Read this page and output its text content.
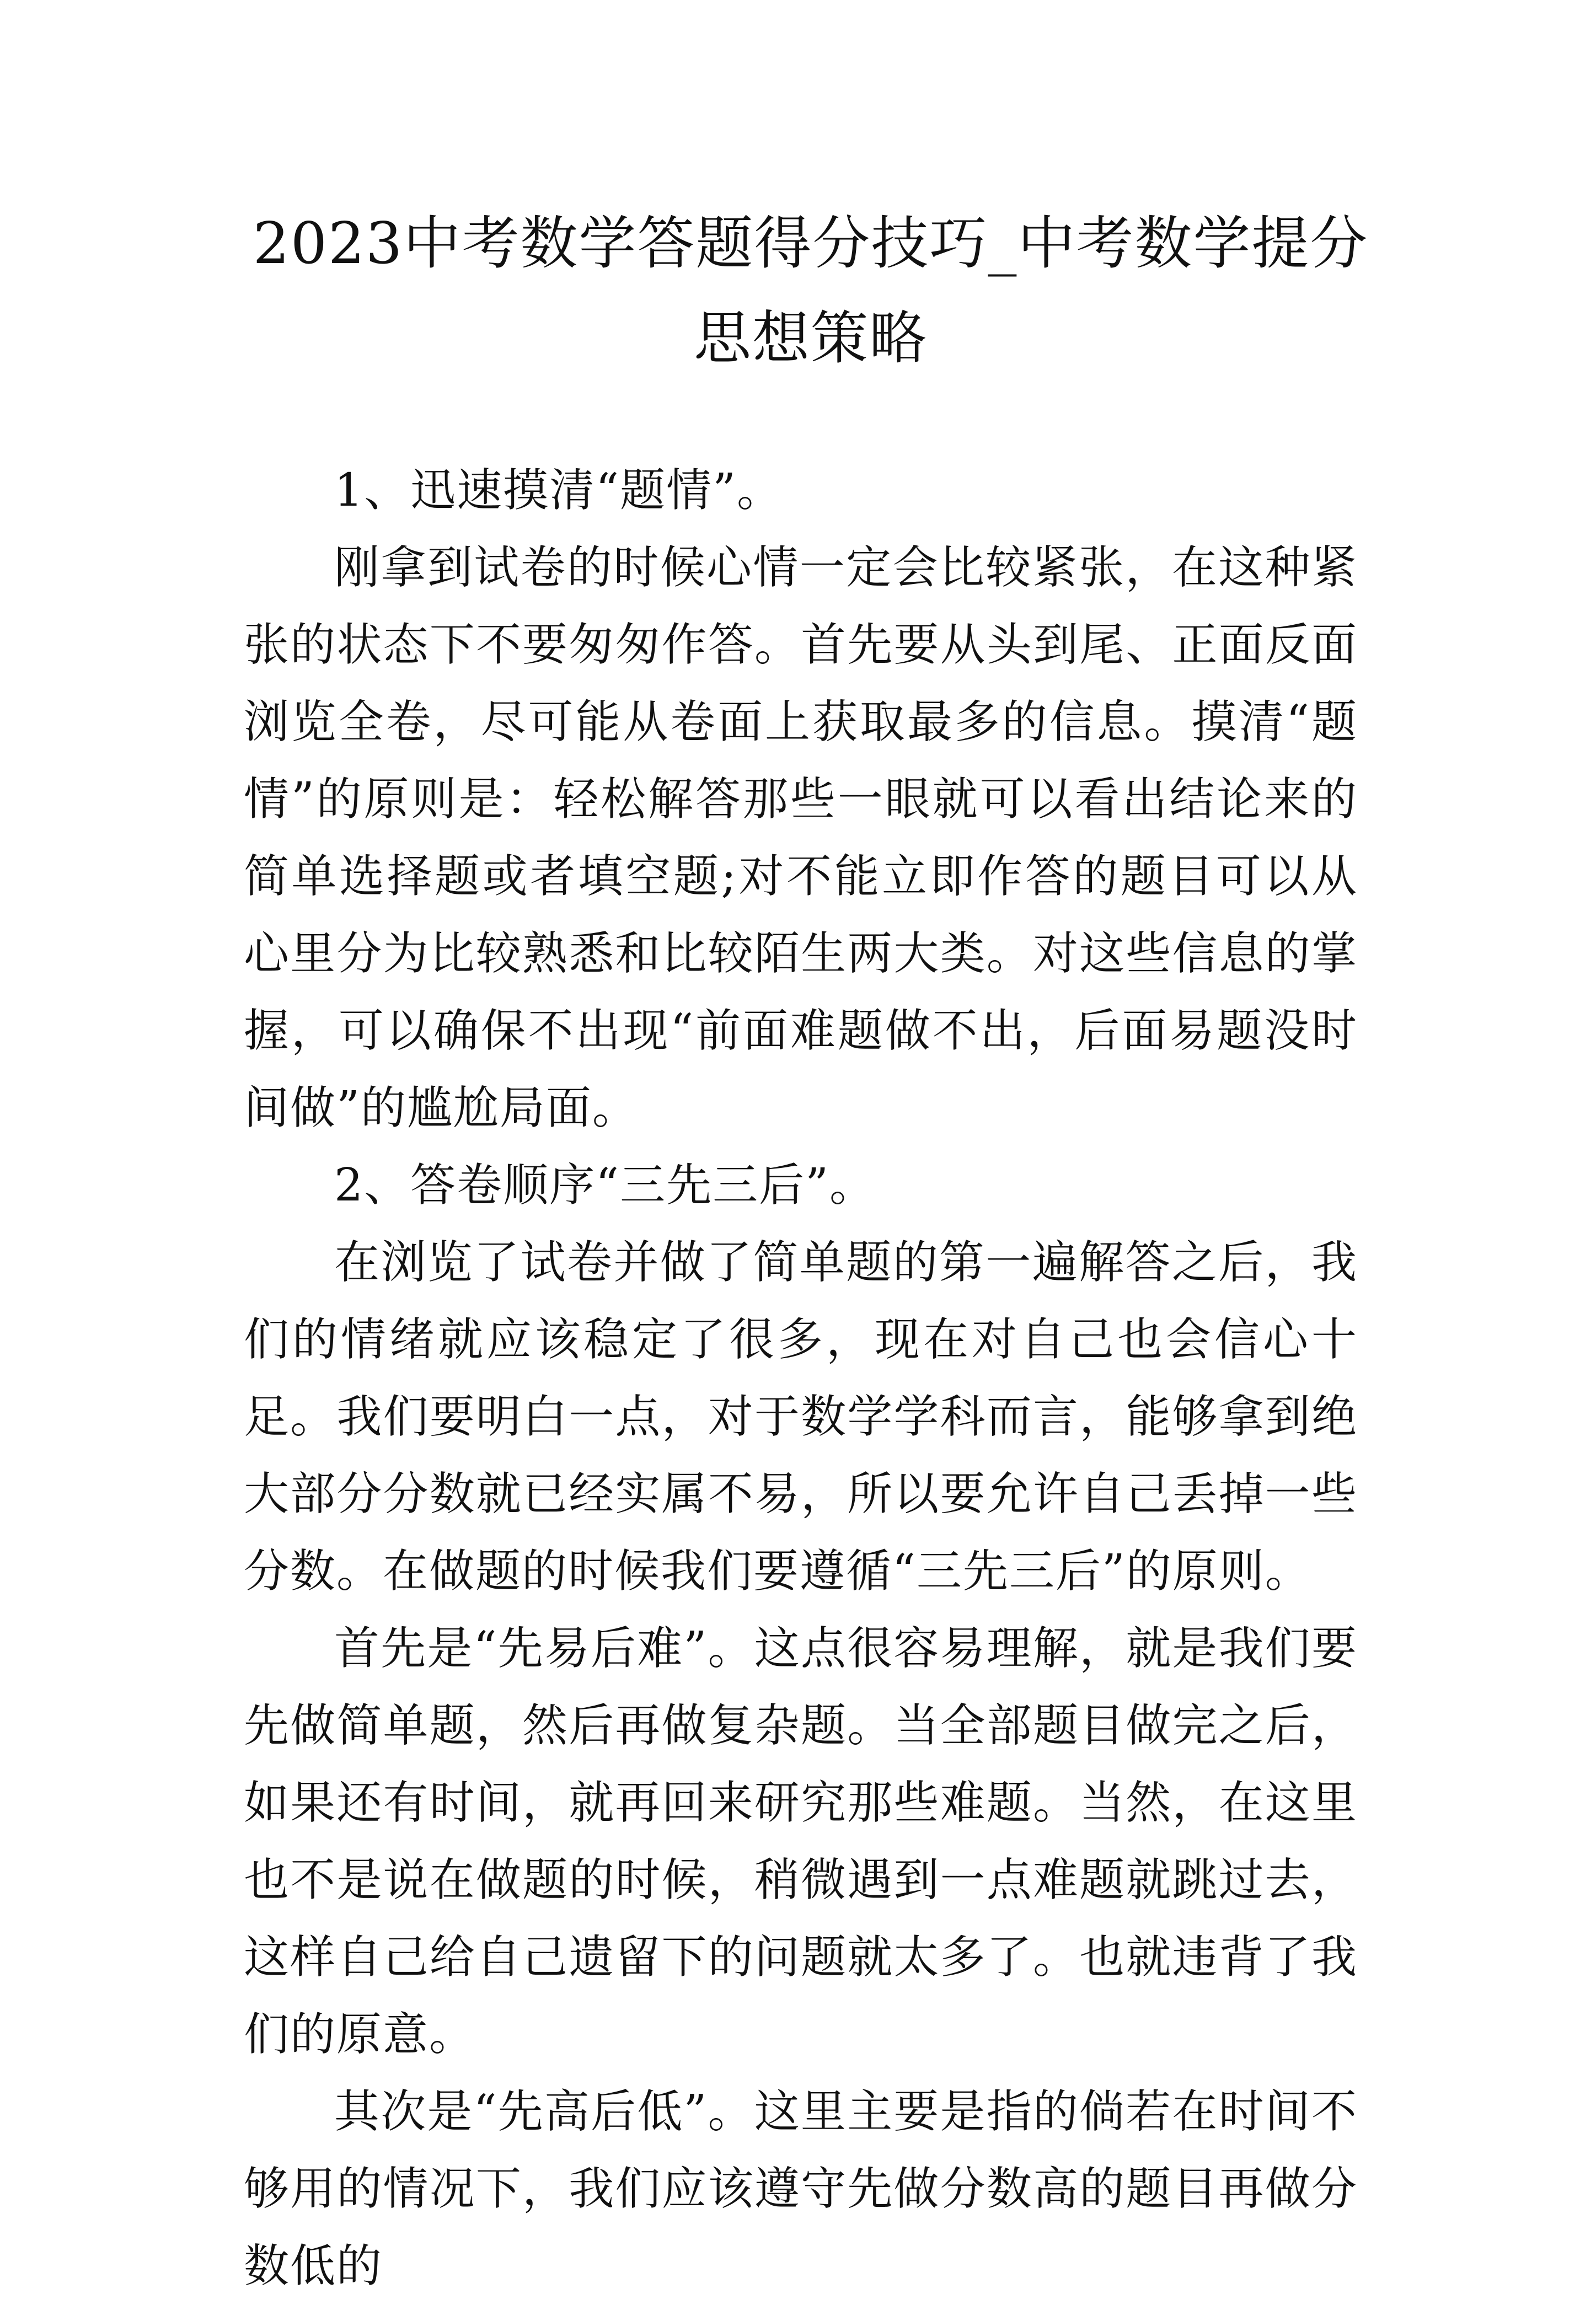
2023中考数学答题得分技巧_中考数学提分思想策略

1、迅速摸清“题情”。

刚拿到试卷的时候心情一定会比较紧张，在这种紧张的状态下不要匆匆作答。首先要从头到尾、正面反面浏览全卷，尽可能从卷面上获取最多的信息。摸清“题情”的原则是：轻松解答那些一眼就可以看出结论来的简单选择题或者填空题;对不能立即作答的题目可以从心里分为比较熟悉和比较陌生两大类。对这些信息的掌握，可以确保不出现“前面难题做不出，后面易题没时间做”的尴尬局面。

2、答卷顺序“三先三后”。

在浏览了试卷并做了简单题的第一遍解答之后，我们的情绪就应该稳定了很多，现在对自己也会信心十足。我们要明白一点，对于数学学科而言，能够拿到绝大部分分数就已经实属不易，所以要允许自己丢掉一些分数。在做题的时候我们要遵循“三先三后”的原则。

首先是“先易后难”。这点很容易理解，就是我们要先做简单题，然后再做复杂题。当全部题目做完之后，如果还有时间，就再回来研究那些难题。当然，在这里也不是说在做题的时候，稍微遇到一点难题就跳过去，这样自己给自己遗留下的问题就太多了。也就违背了我们的原意。

其次是“先高后低”。这里主要是指的倘若在时间不够用的情况下，我们应该遵守先做分数高的题目再做分数低的
